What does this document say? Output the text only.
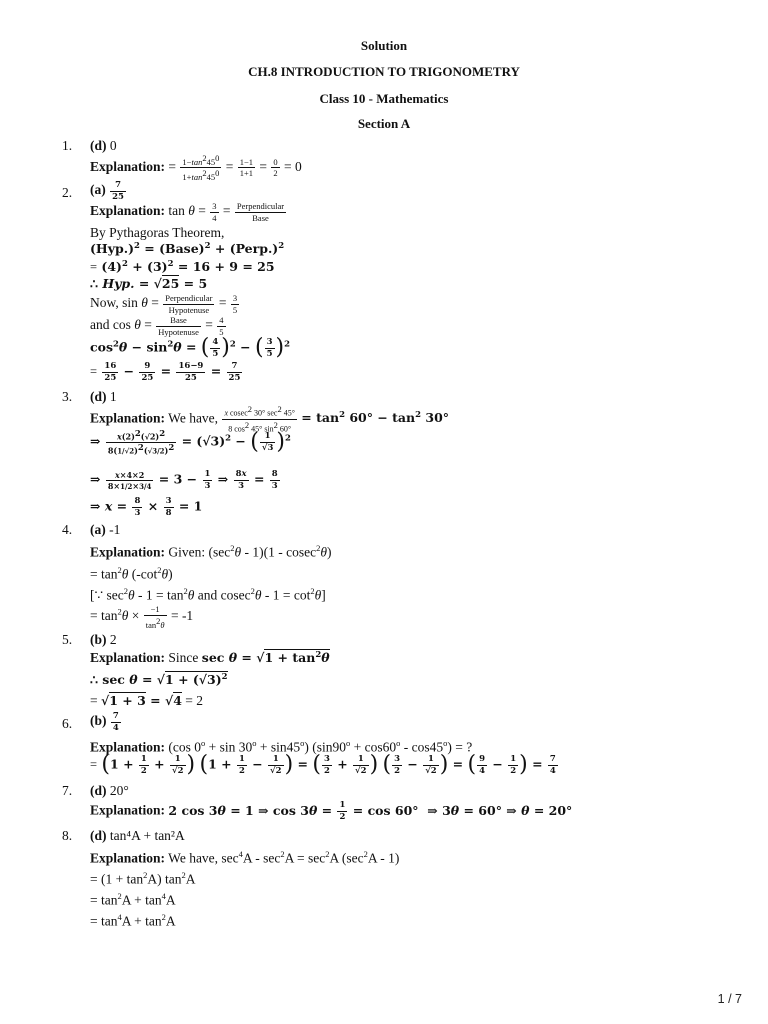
Solution
CH.8 INTRODUCTION TO TRIGONOMETRY
Class 10 - Mathematics
Section A
1. (d) 0
Explanation: = $\frac{1-\tan^245^0}{1+\tan^245^0} = \frac{1-1}{1+1} = \frac{0}{2} = 0$
2. $(a) \frac{7}{25}$
Explanation: $\tan \theta = \frac{3}{4}$ = Perpendicular
Base
By Pythagoras Theorem,
$(Hyp.)^2$ = (Base)$^2$ + (Perp.)$^2$
= $(4)^2 + (3)^2 = 16 + 9 = 25$
∴ Hyp. = √25 = 5
Now, sin θ = Perpendicular
Hypotenuse = $\frac{3}{5}$
and cos θ =	Base
Hypotenuse = $\frac{4}{5}$
$\cos^2\theta - \sin^2\theta$ = ( $\frac{4}{5} )^2$ − ( $\frac{3}{5} )^2$
= $\frac{16}{25} - \frac{9}{25} = \frac{16-9}{25} = \frac{7}{25}$
3. (d) 1
Explanation: We have, x cosec$^2$ 30° $\sec^2 45^\circ$
8 $\cos^2 45^\circ$ $\sin^2 60^\circ$
= $\tan^2 60^\circ - \tan^2 30^\circ$
⇒ $\frac{x(2)^2(√2)^2}{8(1/√2)^2(√3/2)^2} = (√3)^2$ − ( $\frac{1}{√3} )^2$
⇒ $\frac{x\times 4\times 2}{8\times 1/2\times 3/4} = 3 - \frac{1}{3}$ ⇒ $\frac{8x}{3} = \frac{8}{3}$
⇒ $x = \frac{8}{3} \times \frac{3}{8} = 1$
4. (a) -1
Explanation: Given: $(\sec^2\theta - 1)(1 - cosec^2\theta)$
= $\tan^2\theta$ $(-\cot^2\theta)$
[∵ $\sec^2\theta - 1 = \tan^2\theta$ and $cosec^2\theta - 1 = \cot^2\theta$]
= $\tan^2\theta \times \frac{-1}{\tan^2\theta} = -1$
5. (b) 2
Explanation: Since $\sec \theta = √1 + \tan^2\theta$
∴ $\sec \theta = √1 + (√3)^2$
= √1 + 3 = √4 = 2
6. $(b) \frac{7}{4}$
Explanation: (cos $0^o + \sin 30^o + \sin 45^o$) $(\sin 90^o + \cos 60^o - \cos 45^o)$ = ?
= ($1 + \frac{1}{2} + \frac{1}{√2}$ ) ($1 + \frac{1}{2} - \frac{1}{√2}$ ) = ( $\frac{3}{2} + \frac{1}{√2}$ ) ( $\frac{3}{2} - \frac{1}{√2}$ ) = ( $\frac{9}{4} - \frac{1}{2}$ ) = $\frac{7}{4}$
7. (d) 20°
Explanation: 2 cos 3θ = 1 ⇒ $\cos 3\theta = \frac{1}{2} = \cos 60^\circ$  ⇒ 3θ = 60° ⇒ θ = 20°
8. (d) tan⁴A + tan²A
Explanation: We have, $\sec^4A - \sec^2A = \sec^2A$ $(\sec^2A - 1)$
= $(1 + \tan^2A)$ $\tan^2A$
= $\tan^2A + \tan^4A$
= $\tan^4A + \tan^2A$
1 / 7
